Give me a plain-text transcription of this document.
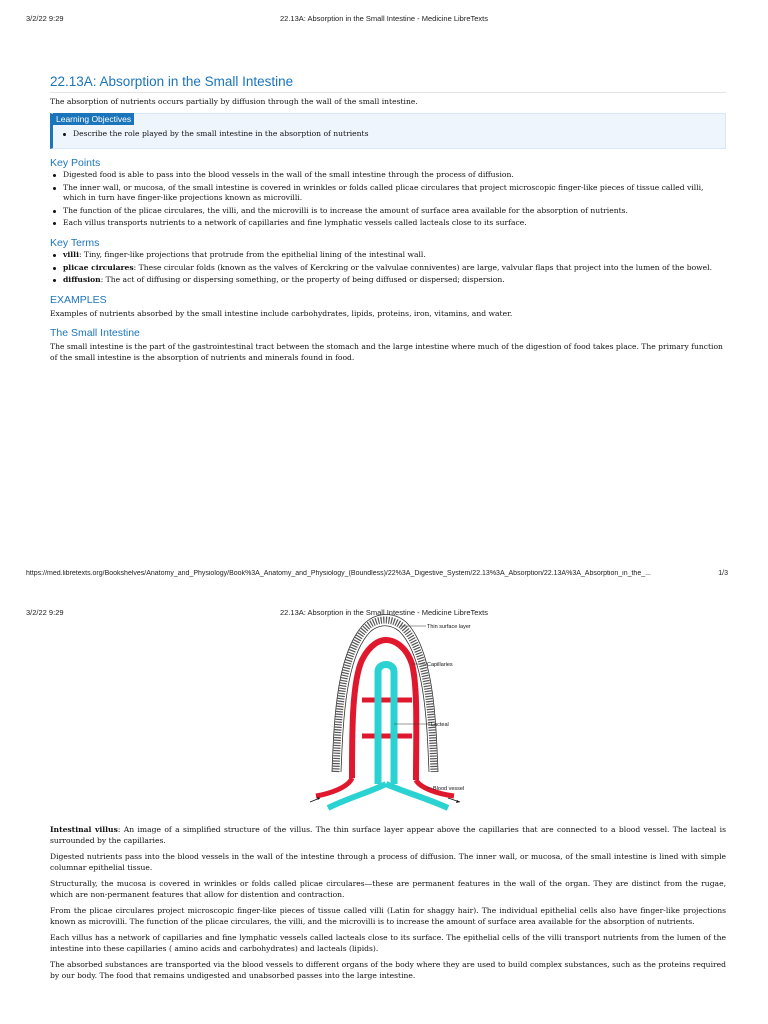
3/2/22 9:29	22.13A: Absorption in the Small Intestine - Medicine LibreTexts
22.13A: Absorption in the Small Intestine

The absorption of nutrients occurs partially by diffusion through the wall of the small intestine.

Learning Objectives
Describe the role played by the small intestine in the absorption of nutrients
Key Points
Digested food is able to pass into the blood vessels in the wall of the small intestine through the process of diffusion.
The inner wall, or mucosa, of the small intestine is covered in wrinkles or folds called plicae circulares that project microscopic finger-like pieces of tissue called villi, which in turn have finger-like projections known as microvilli.
The function of the plicae circulares, the villi, and the microvilli is to increase the amount of surface area available for the absorption of nutrients.
Each villus transports nutrients to a network of capillaries and fine lymphatic vessels called lacteals close to its surface.
Key Terms
villi: Tiny, finger-like projections that protrude from the epithelial lining of the intestinal wall.
plicae circulares: These circular folds (known as the valves of Kerckring or the valvulae conniventes) are large, valvular flaps that project into the lumen of the bowel.
diffusion: The act of diffusing or dispersing something, or the property of being diffused or dispersed; dispersion.
EXAMPLES

Examples of nutrients absorbed by the small intestine include carbohydrates, lipids, proteins, iron, vitamins, and water.

The Small Intestine

The small intestine is the part of the gastrointestinal tract between the stomach and the large intestine where much of the digestion of food takes place. The primary function of the small intestine is the absorption of nutrients and minerals found in food.

https://med.libretexts.org/Bookshelves/Anatomy_and_Physiology/Book%3A_Anatomy_and_Physiology_(Boundless)/22%3A_Digestive_System/22.13%3A_Absorption/22.13A%3A_Absorption_in_the_...	1/3
3/2/22 9:29	22.13A: Absorption in the Small Intestine - Medicine LibreTexts
Thin surface layer
Capillaries
Lacteal
Blood vessel

Intestinal villus: An image of a simplified structure of the villus. The thin surface layer appear above the capillaries that are connected to a blood vessel. The lacteal is surrounded by the capillaries.

Digested nutrients pass into the blood vessels in the wall of the intestine through a process of diffusion. The inner wall, or mucosa, of the small intestine is lined with simple columnar epithelial tissue.

Structurally, the mucosa is covered in wrinkles or folds called plicae circulares—these are permanent features in the wall of the organ. They are distinct from the rugae, which are non-permanent features that allow for distention and contraction.

From the plicae circulares project microscopic finger-like pieces of tissue called villi (Latin for shaggy hair). The individual epithelial cells also have finger-like projections known as microvilli. The function of the plicae circulares, the villi, and the microvilli is to increase the amount of surface area available for the absorption of nutrients.

Each villus has a network of capillaries and fine lymphatic vessels called lacteals close to its surface. The epithelial cells of the villi transport nutrients from the lumen of the intestine into these capillaries ( amino acids and carbohydrates) and lacteals (lipids).

The absorbed substances are transported via the blood vessels to different organs of the body where they are used to build complex substances, such as the proteins required by our body. The food that remains undigested and unabsorbed passes into the large intestine.
